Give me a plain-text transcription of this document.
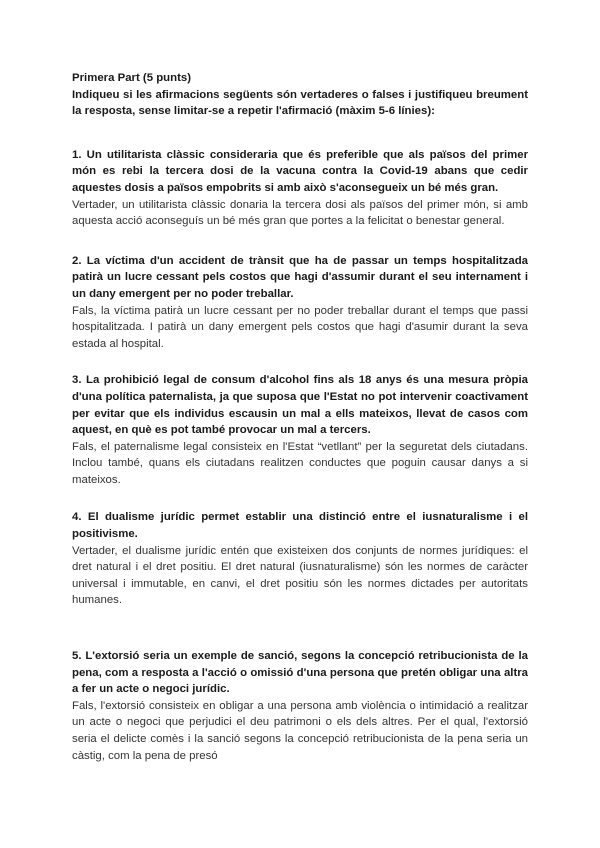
Primera Part (5 punts)

Indiqueu si les afirmacions següents són vertaderes o falses i justifiqueu breument la resposta, sense limitar-se a repetir l'afirmació (màxim 5-6 línies):

1. Un utilitarista clàssic consideraria que és preferible que als països del primer món es rebi la tercera dosi de la vacuna contra la Covid-19 abans que cedir aquestes dosis a països empobrits si amb això s'aconsegueix un bé més gran.

Vertader, un utilitarista clàssic donaria la tercera dosi als països del primer món, si amb aquesta acció aconseguís un bé més gran que portes a la felicitat o benestar general.

2. La víctima d'un accident de trànsit que ha de passar un temps hospitalitzada patirà un lucre cessant pels costos que hagi d'assumir durant el seu internament i un dany emergent per no poder treballar.

Fals, la víctima patirà un lucre cessant per no poder treballar durant el temps que passi hospitalitzada. I patirà un dany emergent pels costos que hagi d'asumir durant la seva estada al hospital.

3. La prohibició legal de consum d'alcohol fins als 18 anys és una mesura pròpia d'una política paternalista, ja que suposa que l'Estat no pot intervenir coactivament per evitar que els individus escausin un mal a ells mateixos, llevat de casos com aquest, en què es pot també provocar un mal a tercers.

Fals, el paternalisme legal consisteix en l'Estat “vetllant” per la seguretat dels ciutadans. Inclou també, quans els ciutadans realitzen conductes que poguin causar danys a si mateixos.

4. El dualisme jurídic permet establir una distinció entre el iusnaturalisme i el positivisme.

Vertader, el dualisme jurídic entén que existeixen dos conjunts de normes jurídiques: el dret natural i el dret positiu. El dret natural (iusnaturalisme) són les normes de caràcter universal i immutable, en canvi, el dret positiu són les normes dictades per autoritats humanes.

5. L'extorsió seria un exemple de sanció, segons la concepció retribucionista de la pena, com a resposta a l'acció o omissió d'una persona que pretén obligar una altra a fer un acte o negoci jurídic.

Fals, l'extorsió consisteix en obligar a una persona amb violència o intimidació a realitzar un acte o negoci que perjudici el deu patrimoni o els dels altres. Per el qual, l'extorsió seria el delicte comès i la sanció segons la concepció retribucionista de la pena seria un càstig, com la pena de presó
